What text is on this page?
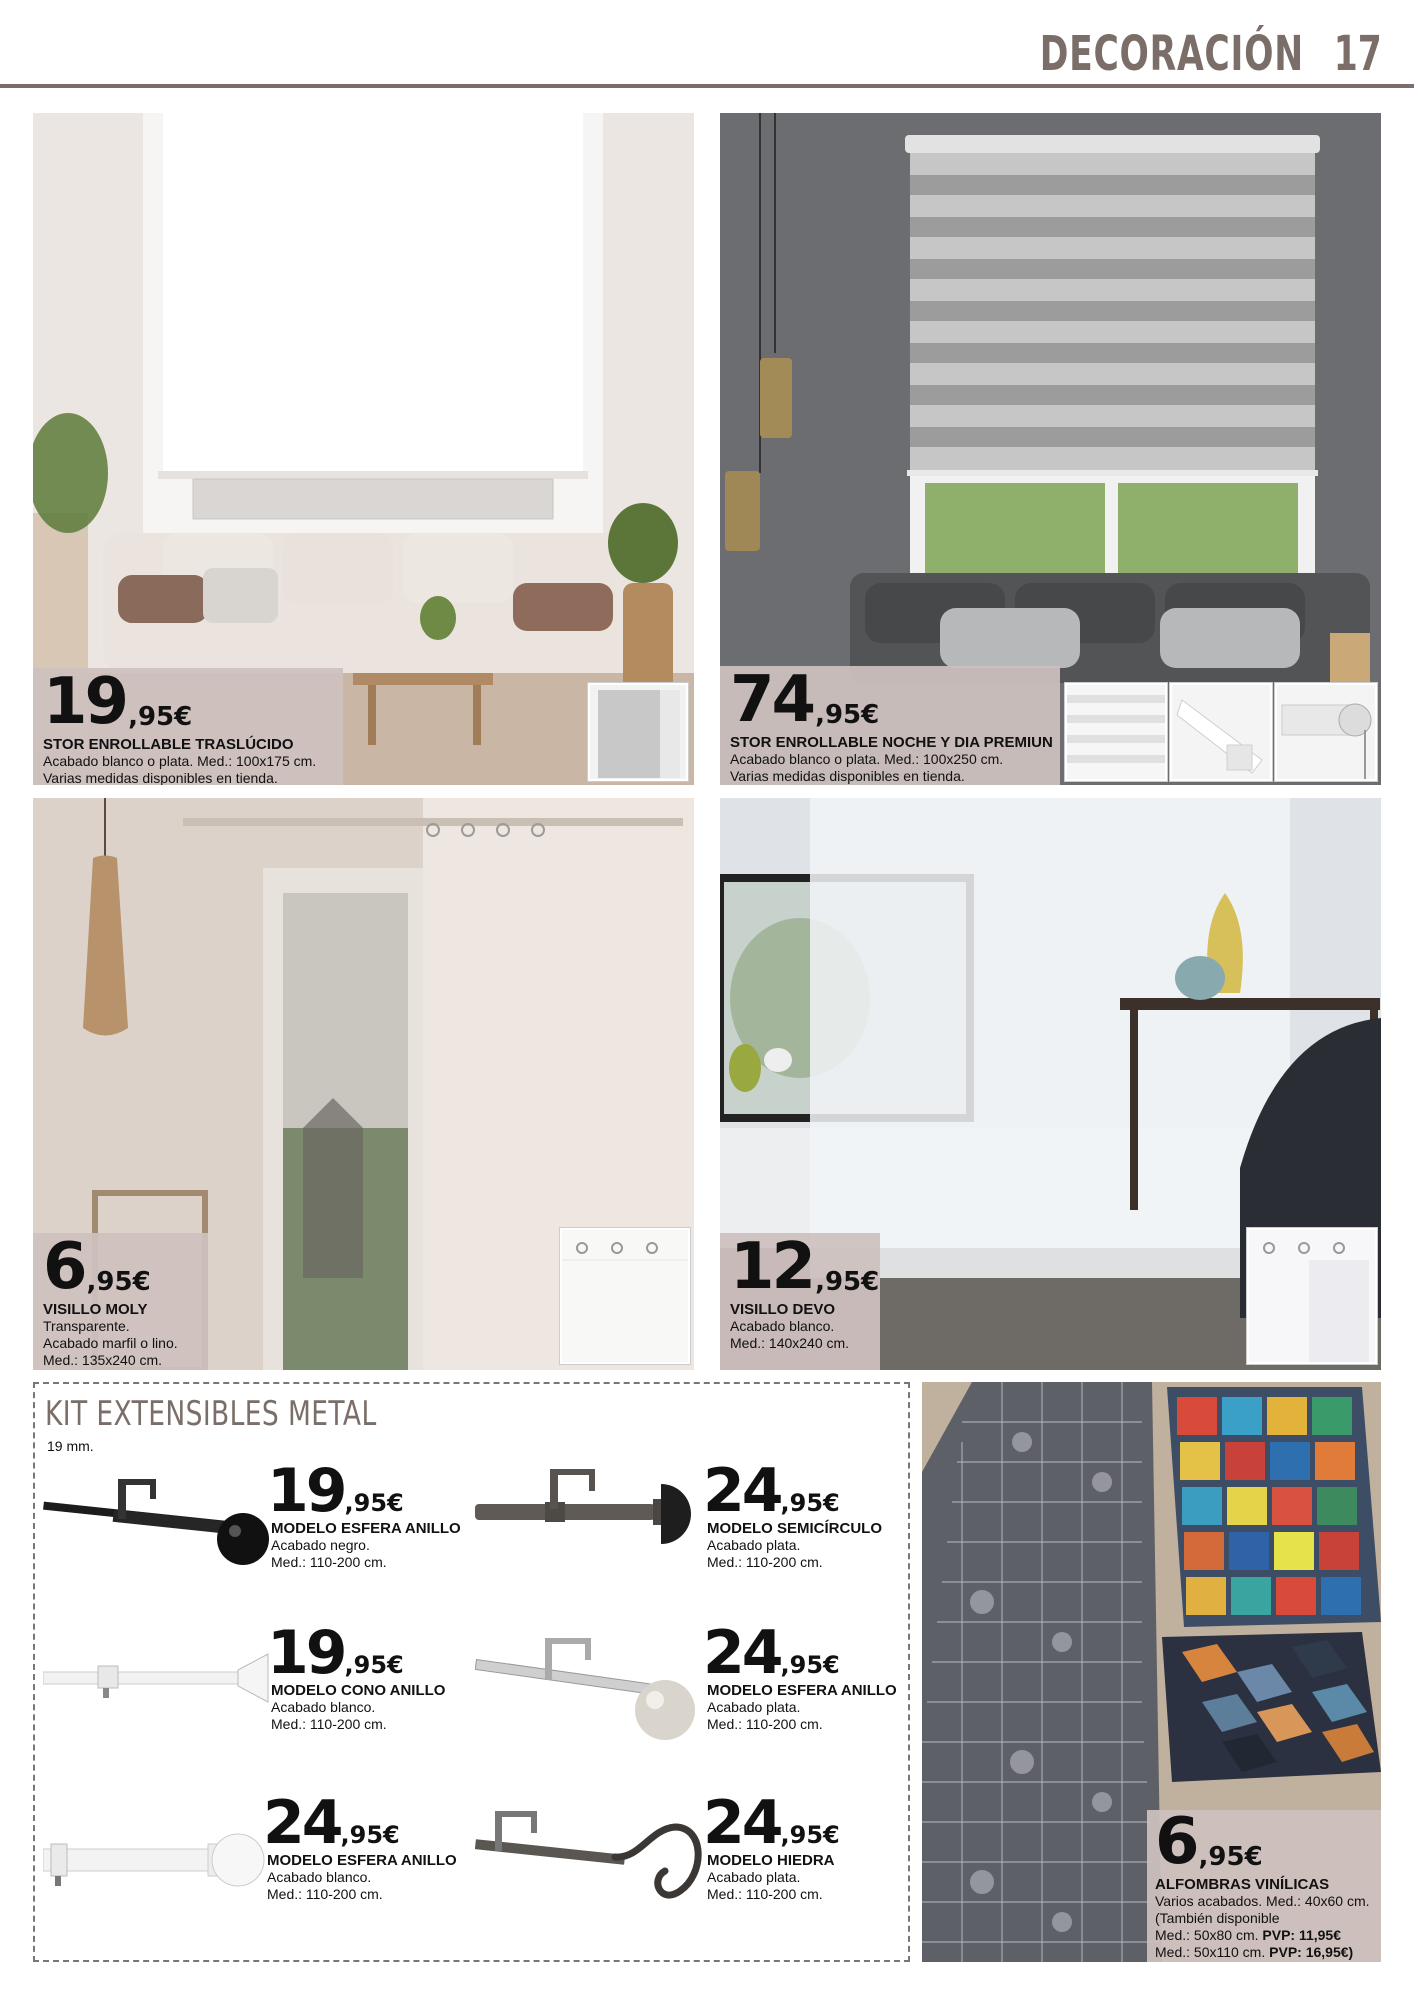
DECORACIÓN 17
19 ,95€
STOR ENROLLABLE TRASLÚCIDO
Acabado blanco o plata. Med.: 100x175 cm.
Varias medidas disponibles en tienda.
74 ,95€
STOR ENROLLABLE NOCHE Y DIA PREMIUN
Acabado blanco o plata. Med.: 100x250 cm.
Varias medidas disponibles en tienda.
6 ,95€
VISILLO MOLY
Transparente.
Acabado marfil o lino.
Med.: 135x240 cm.
12 ,95€
VISILLO DEVO
Acabado blanco.
Med.: 140x240 cm.
KIT EXTENSIBLES METAL
19 mm.
19,95€
MODELO ESFERA ANILLO
Acabado negro.
Med.: 110-200 cm.
24,95€
MODELO SEMICÍRCULO
Acabado plata.
Med.: 110-200 cm.
19,95€
MODELO CONO ANILLO
Acabado blanco.
Med.: 110-200 cm.
24,95€
MODELO ESFERA ANILLO
Acabado plata.
Med.: 110-200 cm.
24,95€
MODELO ESFERA ANILLO
Acabado blanco.
Med.: 110-200 cm.
24,95€
MODELO HIEDRA
Acabado plata.
Med.: 110-200 cm.
6 ,95€
ALFOMBRAS VINÍLICAS
Varios acabados. Med.: 40x60 cm.
(También disponible
Med.: 50x80 cm. PVP: 11,95€
Med.: 50x110 cm. PVP: 16,95€)
